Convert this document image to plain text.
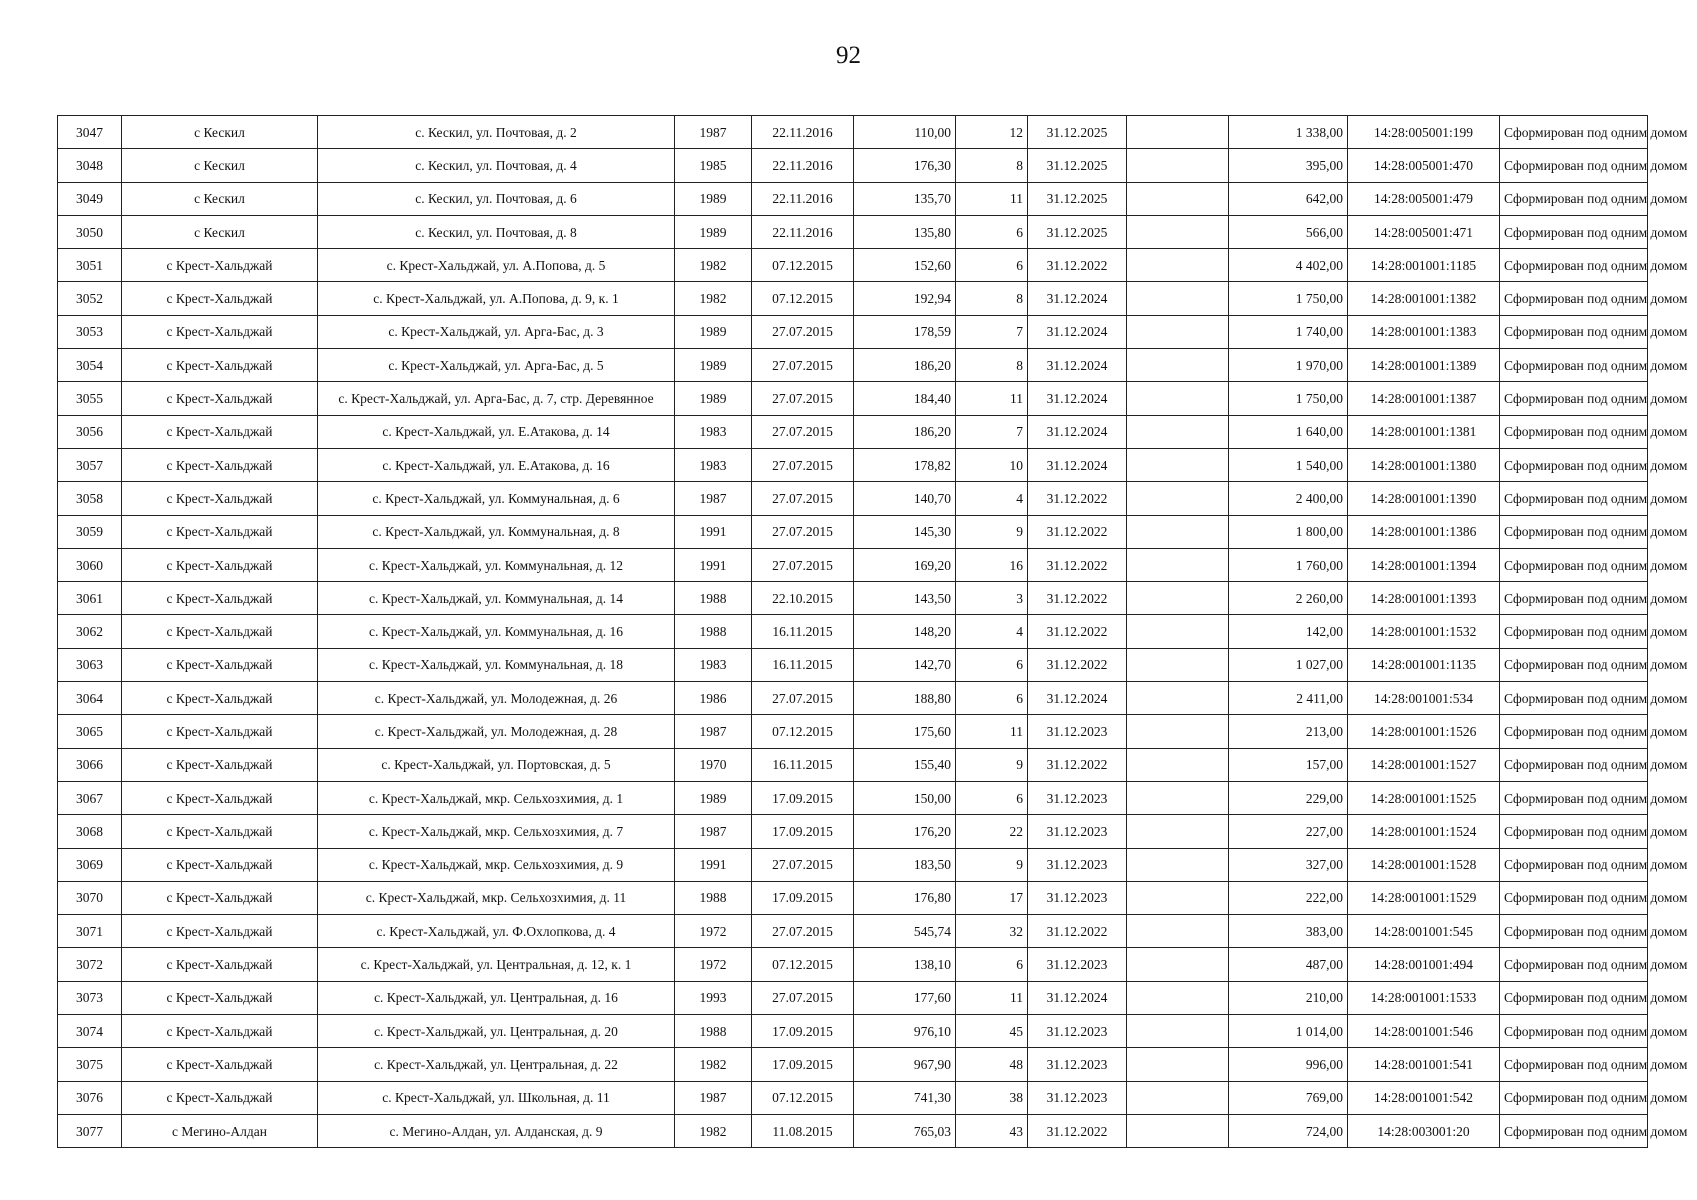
92
3047	с Кескил	с. Кескил, ул. Почтовая, д. 2	1987	22.11.2016	110,00	12	31.12.2025		1 338,00	14:28:005001:199	Сформирован под одним домом
3048	с Кескил	с. Кескил, ул. Почтовая, д. 4	1985	22.11.2016	176,30	8	31.12.2025		395,00	14:28:005001:470	Сформирован под одним домом
3049	с Кескил	с. Кескил, ул. Почтовая, д. 6	1989	22.11.2016	135,70	11	31.12.2025		642,00	14:28:005001:479	Сформирован под одним домом
3050	с Кескил	с. Кескил, ул. Почтовая, д. 8	1989	22.11.2016	135,80	6	31.12.2025		566,00	14:28:005001:471	Сформирован под одним домом
3051	с Крест-Хальджай	с. Крест-Хальджай, ул. А.Попова, д. 5	1982	07.12.2015	152,60	6	31.12.2022		4 402,00	14:28:001001:1185	Сформирован под одним домом
3052	с Крест-Хальджай	с. Крест-Хальджай, ул. А.Попова, д. 9, к. 1	1982	07.12.2015	192,94	8	31.12.2024		1 750,00	14:28:001001:1382	Сформирован под одним домом
3053	с Крест-Хальджай	с. Крест-Хальджай, ул. Арга-Бас, д. 3	1989	27.07.2015	178,59	7	31.12.2024		1 740,00	14:28:001001:1383	Сформирован под одним домом
3054	с Крест-Хальджай	с. Крест-Хальджай, ул. Арга-Бас, д. 5	1989	27.07.2015	186,20	8	31.12.2024		1 970,00	14:28:001001:1389	Сформирован под одним домом
3055	с Крест-Хальджай	с. Крест-Хальджай, ул. Арга-Бас, д. 7, стр. Деревянное	1989	27.07.2015	184,40	11	31.12.2024		1 750,00	14:28:001001:1387	Сформирован под одним домом
3056	с Крест-Хальджай	с. Крест-Хальджай, ул. Е.Атакова, д. 14	1983	27.07.2015	186,20	7	31.12.2024		1 640,00	14:28:001001:1381	Сформирован под одним домом
3057	с Крест-Хальджай	с. Крест-Хальджай, ул. Е.Атакова, д. 16	1983	27.07.2015	178,82	10	31.12.2024		1 540,00	14:28:001001:1380	Сформирован под одним домом
3058	с Крест-Хальджай	с. Крест-Хальджай, ул. Коммунальная, д. 6	1987	27.07.2015	140,70	4	31.12.2022		2 400,00	14:28:001001:1390	Сформирован под одним домом
3059	с Крест-Хальджай	с. Крест-Хальджай, ул. Коммунальная, д. 8	1991	27.07.2015	145,30	9	31.12.2022		1 800,00	14:28:001001:1386	Сформирован под одним домом
3060	с Крест-Хальджай	с. Крест-Хальджай, ул. Коммунальная, д. 12	1991	27.07.2015	169,20	16	31.12.2022		1 760,00	14:28:001001:1394	Сформирован под одним домом
3061	с Крест-Хальджай	с. Крест-Хальджай, ул. Коммунальная, д. 14	1988	22.10.2015	143,50	3	31.12.2022		2 260,00	14:28:001001:1393	Сформирован под одним домом
3062	с Крест-Хальджай	с. Крест-Хальджай, ул. Коммунальная, д. 16	1988	16.11.2015	148,20	4	31.12.2022		142,00	14:28:001001:1532	Сформирован под одним домом
3063	с Крест-Хальджай	с. Крест-Хальджай, ул. Коммунальная, д. 18	1983	16.11.2015	142,70	6	31.12.2022		1 027,00	14:28:001001:1135	Сформирован под одним домом
3064	с Крест-Хальджай	с. Крест-Хальджай, ул. Молодежная, д. 26	1986	27.07.2015	188,80	6	31.12.2024		2 411,00	14:28:001001:534	Сформирован под одним домом
3065	с Крест-Хальджай	с. Крест-Хальджай, ул. Молодежная, д. 28	1987	07.12.2015	175,60	11	31.12.2023		213,00	14:28:001001:1526	Сформирован под одним домом
3066	с Крест-Хальджай	с. Крест-Хальджай, ул. Портовская, д. 5	1970	16.11.2015	155,40	9	31.12.2022		157,00	14:28:001001:1527	Сформирован под одним домом
3067	с Крест-Хальджай	с. Крест-Хальджай, мкр. Сельхозхимия, д. 1	1989	17.09.2015	150,00	6	31.12.2023		229,00	14:28:001001:1525	Сформирован под одним домом
3068	с Крест-Хальджай	с. Крест-Хальджай, мкр. Сельхозхимия, д. 7	1987	17.09.2015	176,20	22	31.12.2023		227,00	14:28:001001:1524	Сформирован под одним домом
3069	с Крест-Хальджай	с. Крест-Хальджай, мкр. Сельхозхимия, д. 9	1991	27.07.2015	183,50	9	31.12.2023		327,00	14:28:001001:1528	Сформирован под одним домом
3070	с Крест-Хальджай	с. Крест-Хальджай, мкр. Сельхозхимия, д. 11	1988	17.09.2015	176,80	17	31.12.2023		222,00	14:28:001001:1529	Сформирован под одним домом
3071	с Крест-Хальджай	с. Крест-Хальджай, ул. Ф.Охлопкова, д. 4	1972	27.07.2015	545,74	32	31.12.2022		383,00	14:28:001001:545	Сформирован под одним домом
3072	с Крест-Хальджай	с. Крест-Хальджай, ул. Центральная, д. 12, к. 1	1972	07.12.2015	138,10	6	31.12.2023		487,00	14:28:001001:494	Сформирован под одним домом
3073	с Крест-Хальджай	с. Крест-Хальджай, ул. Центральная, д. 16	1993	27.07.2015	177,60	11	31.12.2024		210,00	14:28:001001:1533	Сформирован под одним домом
3074	с Крест-Хальджай	с. Крест-Хальджай, ул. Центральная, д. 20	1988	17.09.2015	976,10	45	31.12.2023		1 014,00	14:28:001001:546	Сформирован под одним домом
3075	с Крест-Хальджай	с. Крест-Хальджай, ул. Центральная, д. 22	1982	17.09.2015	967,90	48	31.12.2023		996,00	14:28:001001:541	Сформирован под одним домом
3076	с Крест-Хальджай	с. Крест-Хальджай, ул. Школьная, д. 11	1987	07.12.2015	741,30	38	31.12.2023		769,00	14:28:001001:542	Сформирован под одним домом
3077	с Мегино-Алдан	с. Мегино-Алдан, ул. Алданская, д. 9	1982	11.08.2015	765,03	43	31.12.2022		724,00	14:28:003001:20	Сформирован под одним домом
